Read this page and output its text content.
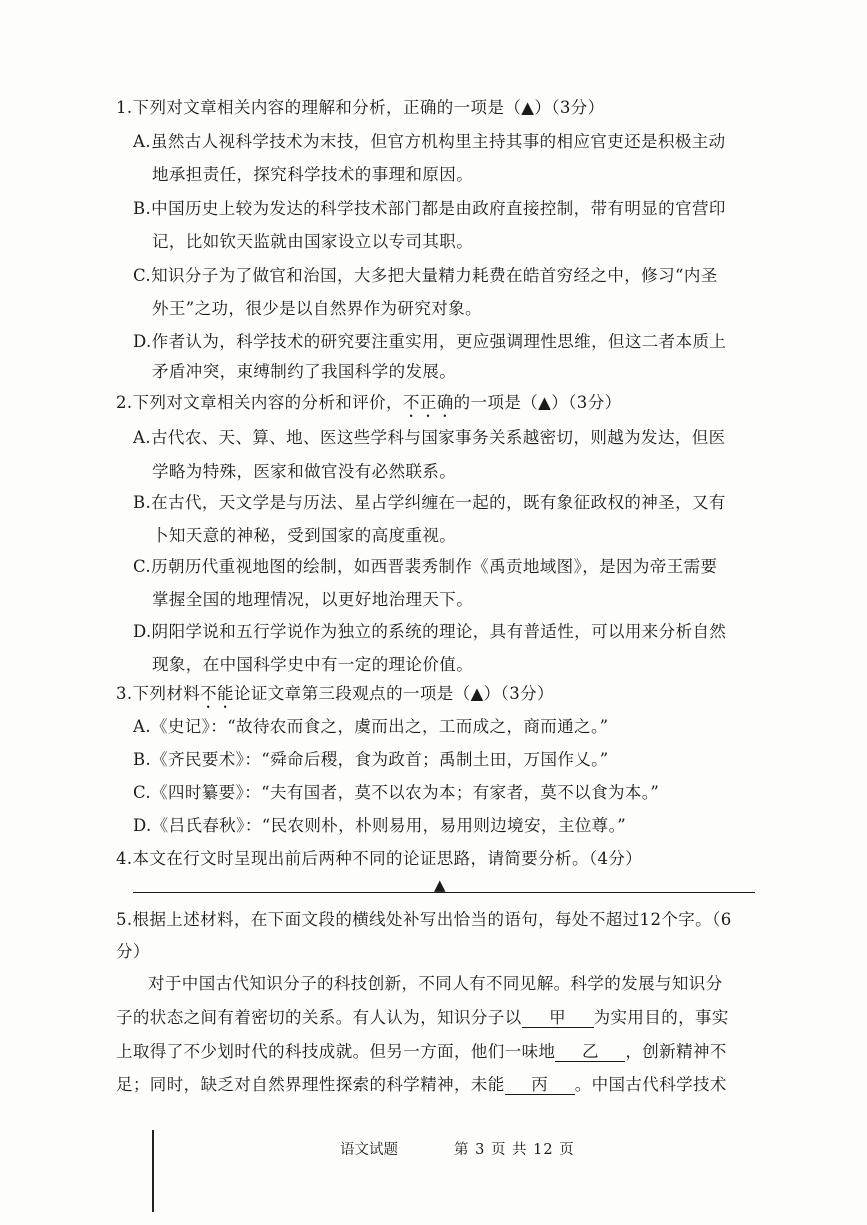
1.下列对文章相关内容的理解和分析，正确的一项是（▲）（3分）
A.虽然古人视科学技术为末技，但官方机构里主持其事的相应官吏还是积极主动
地承担责任，探究科学技术的事理和原因。
B.中国历史上较为发达的科学技术部门都是由政府直接控制，带有明显的官营印
记，比如钦天监就由国家设立以专司其职。
C.知识分子为了做官和治国，大多把大量精力耗费在皓首穷经之中，修习“内圣
外王”之功，很少是以自然界作为研究对象。
D.作者认为，科学技术的研究要注重实用，更应强调理性思维，但这二者本质上
矛盾冲突，束缚制约了我国科学的发展。
2.下列对文章相关内容的分析和评价，不正确的一项是（▲）（3分）
A.古代农、天、算、地、医这些学科与国家事务关系越密切，则越为发达，但医
学略为特殊，医家和做官没有必然联系。
B.在古代，天文学是与历法、星占学纠缠在一起的，既有象征政权的神圣，又有
卜知天意的神秘，受到国家的高度重视。
C.历朝历代重视地图的绘制，如西晋裴秀制作《禹贡地域图》，是因为帝王需要
掌握全国的地理情况，以更好地治理天下。
D.阴阳学说和五行学说作为独立的系统的理论，具有普适性，可以用来分析自然
现象，在中国科学史中有一定的理论价值。
3.下列材料不能论证文章第三段观点的一项是（▲）（3分）
A.《史记》：“故待农而食之，虞而出之，工而成之，商而通之。”
B.《齐民要术》：“舜命后稷，食为政首；禹制土田，万国作乂。”
C.《四时纂要》：“夫有国者，莫不以农为本；有家者，莫不以食为本。”
D.《吕氏春秋》：“民农则朴，朴则易用，易用则边境安，主位尊。”
4.本文在行文时呈现出前后两种不同的论证思路，请简要分析。（4分）
▲
5.根据上述材料，在下面文段的横线处补写出恰当的语句，每处不超过12个字。（6
分）
对于中国古代知识分子的科技创新，不同人有不同见解。科学的发展与知识分
子的状态之间有着密切的关系。有人认为，知识分子以 甲 为实用目的，事实
上取得了不少划时代的科技成就。但另一方面，他们一味地 乙 ，创新精神不
足；同时，缺乏对自然界理性探索的科学精神，未能 丙 。中国古代科学技术
语文试题	第 3 页 共 12 页
